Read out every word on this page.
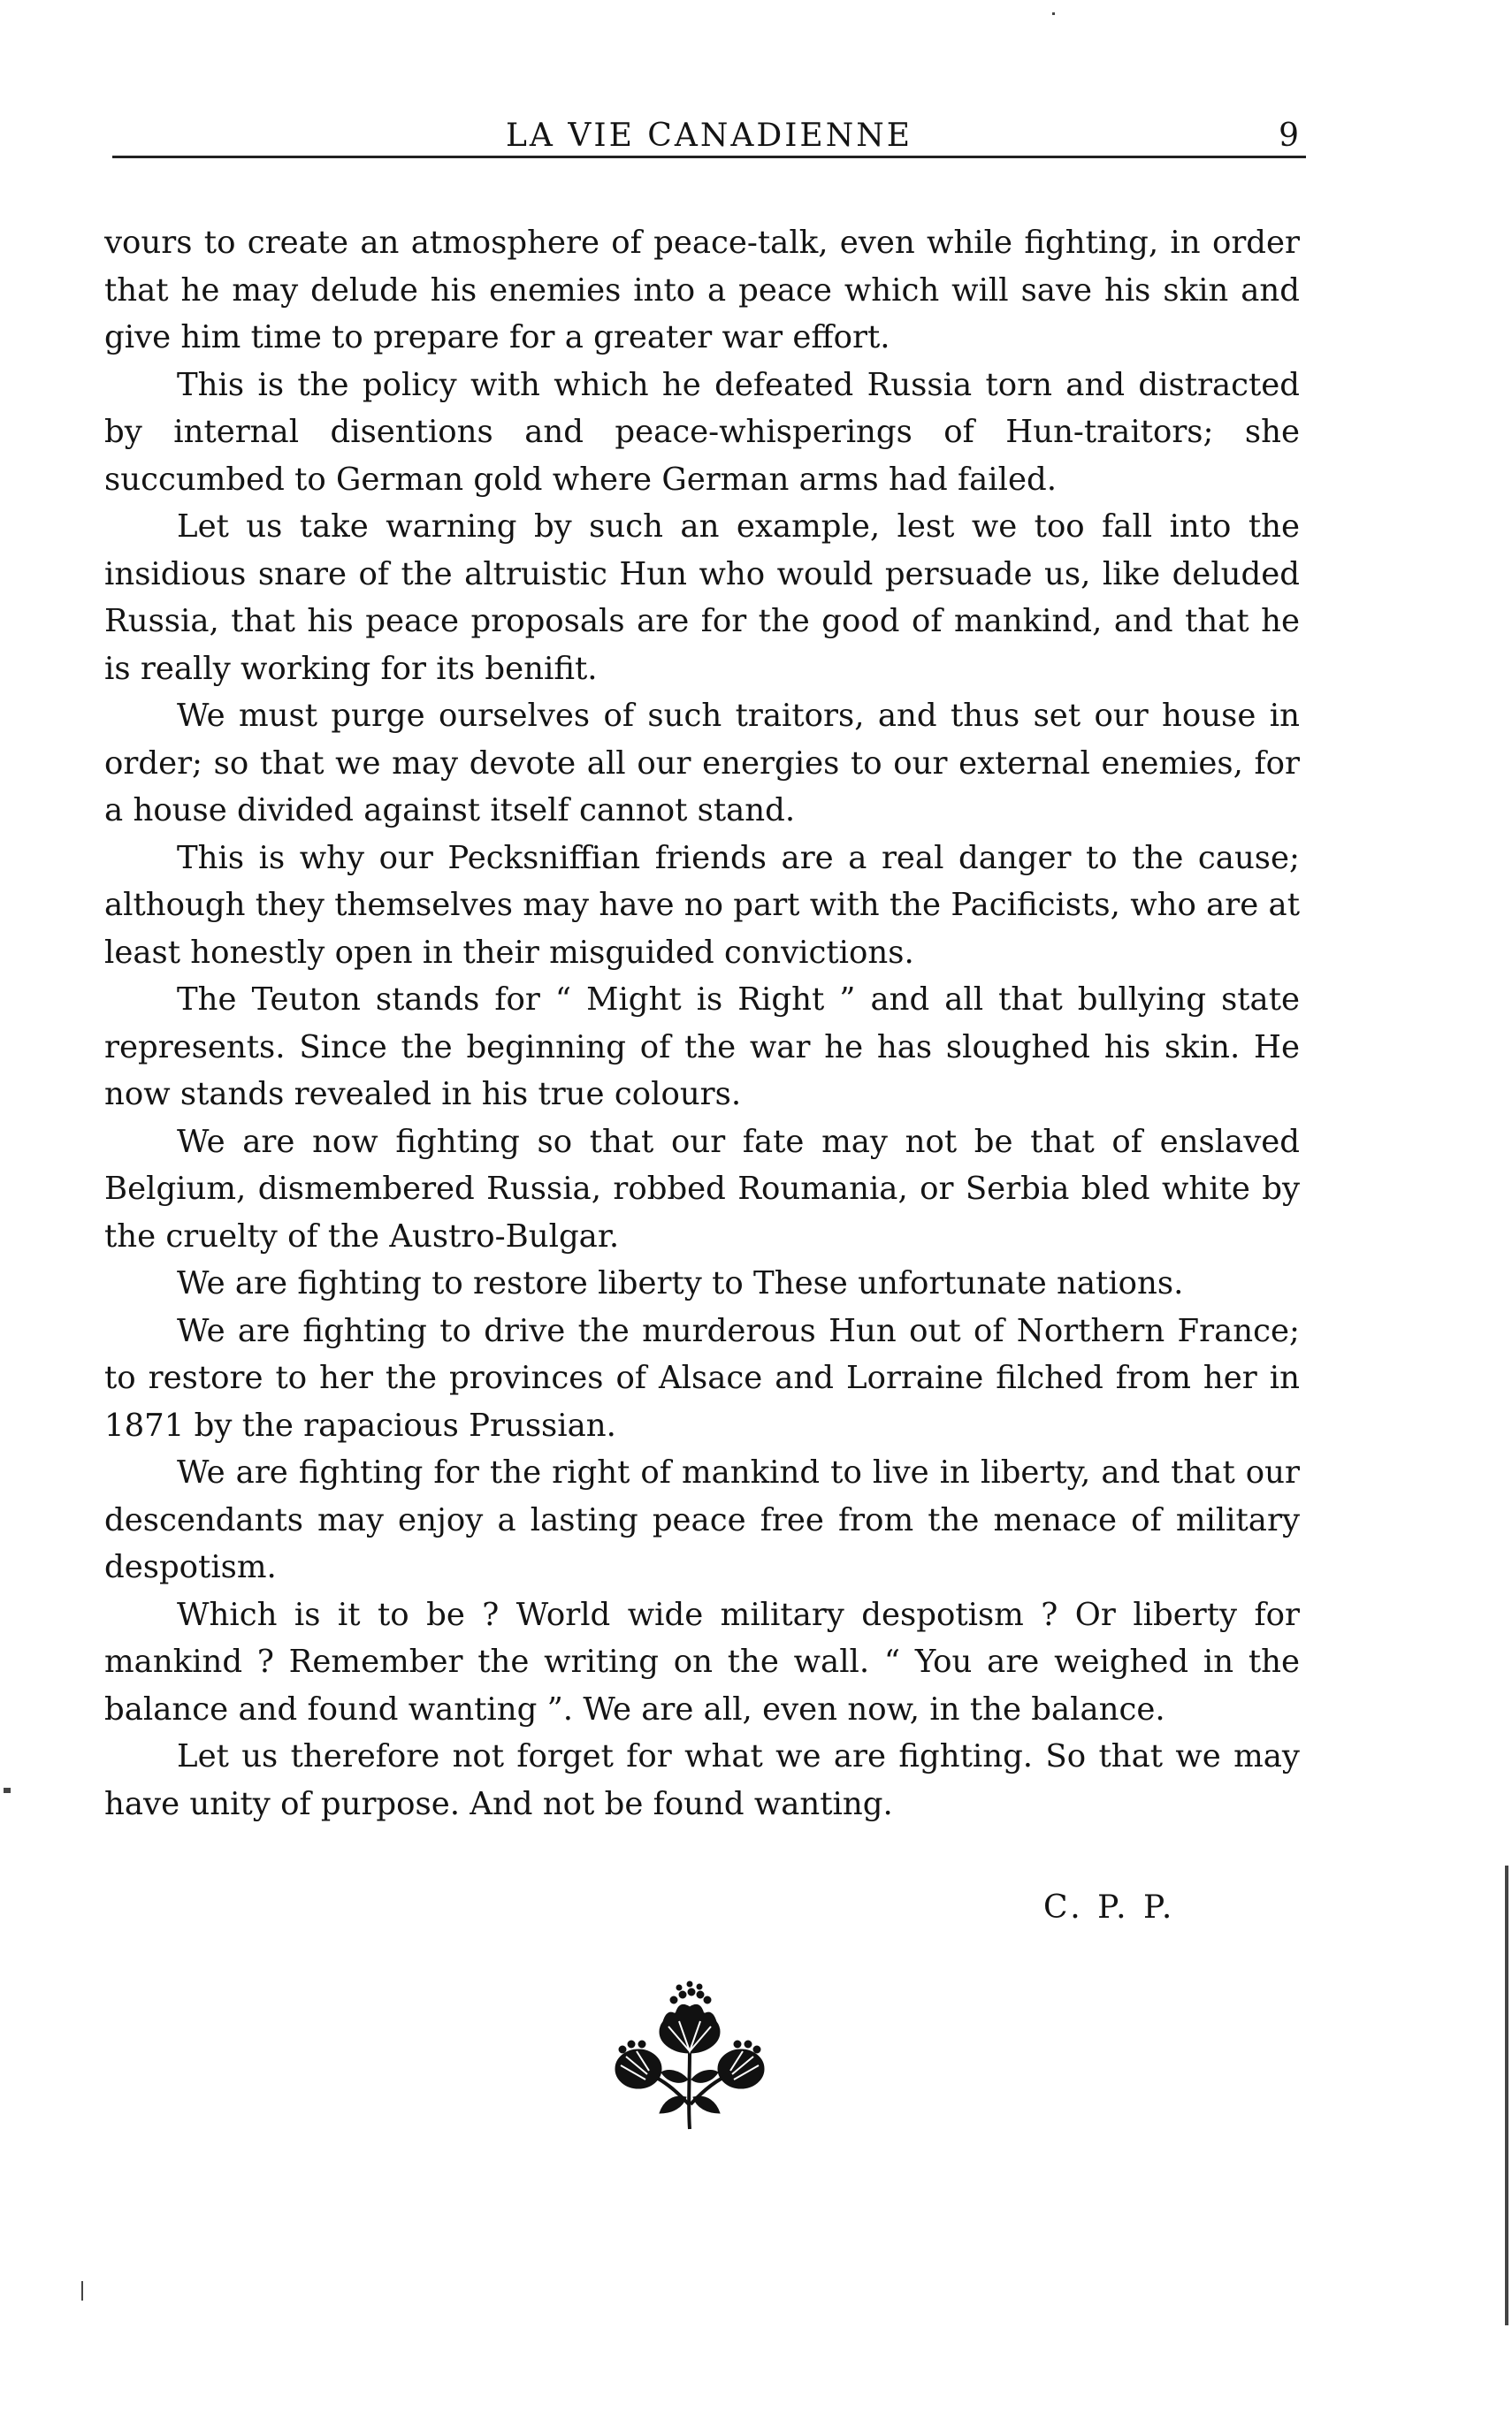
LA VIE CANADIENNE	9

vours to create an atmosphere of peace-talk, even while fighting, in order that he may delude his enemies into a peace which will save his skin and give him time to prepare for a greater war effort.

This is the policy with which he defeated Russia torn and distracted by internal disentions and peace-whisperings of Hun-traitors; she succumbed to German gold where German arms had failed.

Let us take warning by such an example, lest we too fall into the insidious snare of the altruistic Hun who would persuade us, like deluded Russia, that his peace proposals are for the good of mankind, and that he is really working for its benifit.

We must purge ourselves of such traitors, and thus set our house in order; so that we may devote all our energies to our external enemies, for a house divided against itself cannot stand.

This is why our Pecksniffian friends are a real danger to the cause; although they themselves may have no part with the Pacificists, who are at least honestly open in their misguided convictions.

The Teuton stands for “ Might is Right ” and all that bullying state represents. Since the beginning of the war he has sloughed his skin. He now stands revealed in his true colours.

We are now fighting so that our fate may not be that of enslaved Belgium, dismembered Russia, robbed Roumania, or Serbia bled white by the cruelty of the Austro-Bulgar.

We are fighting to restore liberty to These unfortunate nations.

We are fighting to drive the murderous Hun out of Northern France; to restore to her the provinces of Alsace and Lorraine filched from her in 1871 by the rapacious Prussian.

We are fighting for the right of mankind to live in liberty, and that our descendants may enjoy a lasting peace free from the menace of military despotism.

Which is it to be ? World wide military despotism ? Or liberty for mankind ? Remember the writing on the wall. “ You are weighed in the balance and found wanting ”. We are all, even now, in the balance.

Let us therefore not forget for what we are fighting. So that we may have unity of purpose. And not be found wanting.

C. P. P.
